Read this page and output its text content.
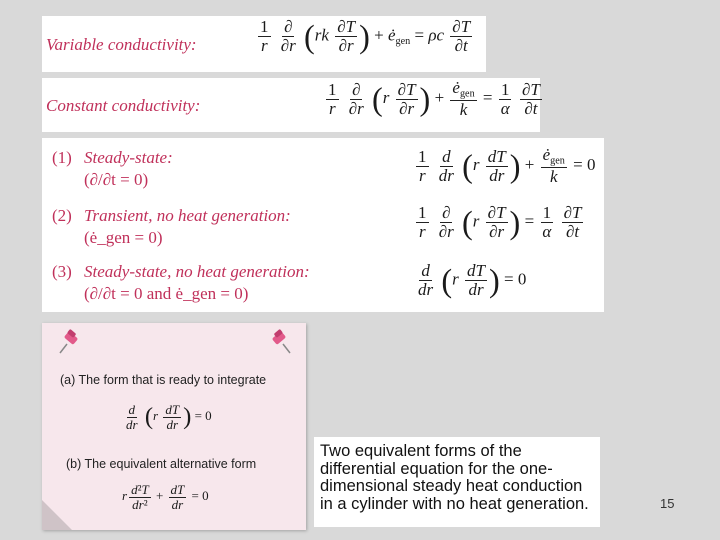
Variable conductivity:	$\frac{1}{r}$
$\frac{\partial}{\partial r} (rk \frac{\partial T}{\partial r}$ ) + $ė_{gen} = \rho c \frac{\partial T}{\partial t}$
Constant conductivity:	$\frac{1}{r}$
$\frac{\partial}{\partial r} (r \frac{\partial T}{\partial r}$ ) + $\frac{ė_{gen}}{k} = \frac{1}{\alpha}$
$\frac{\partial T}{\partial t}$
(1) Steady-state:
(∂/∂t = 0)	$\frac{1}{r}$
$\frac{d}{dr} (r \frac{dT}{dr}$ ) + $\frac{ė_{gen}}{k} = 0$
(2) Transient, no heat generation:
(ė_gen = 0)	$\frac{1}{r}$
$\frac{\partial}{\partial r} (r \frac{\partial T}{\partial r}$ ) = $\frac{1}{\alpha}$
$\frac{\partial T}{\partial t}$
(3) Steady-state, no heat generation:
(∂/∂t = 0 and ė_gen = 0)	$\frac{d}{dr} (r \frac{dT}{dr}$ ) = 0
(a) The form that is ready to integrate
$\frac{d}{dr} (r \frac{dT}{dr}$ ) = 0
(b) The equivalent alternative form
r $\frac{\text{d²T}}{\text{dr²}} + \frac{dT}{dr} = 0$
Two equivalent forms of the differential equation for the one-dimensional steady heat conduction in a cylinder with no heat generation.	15
